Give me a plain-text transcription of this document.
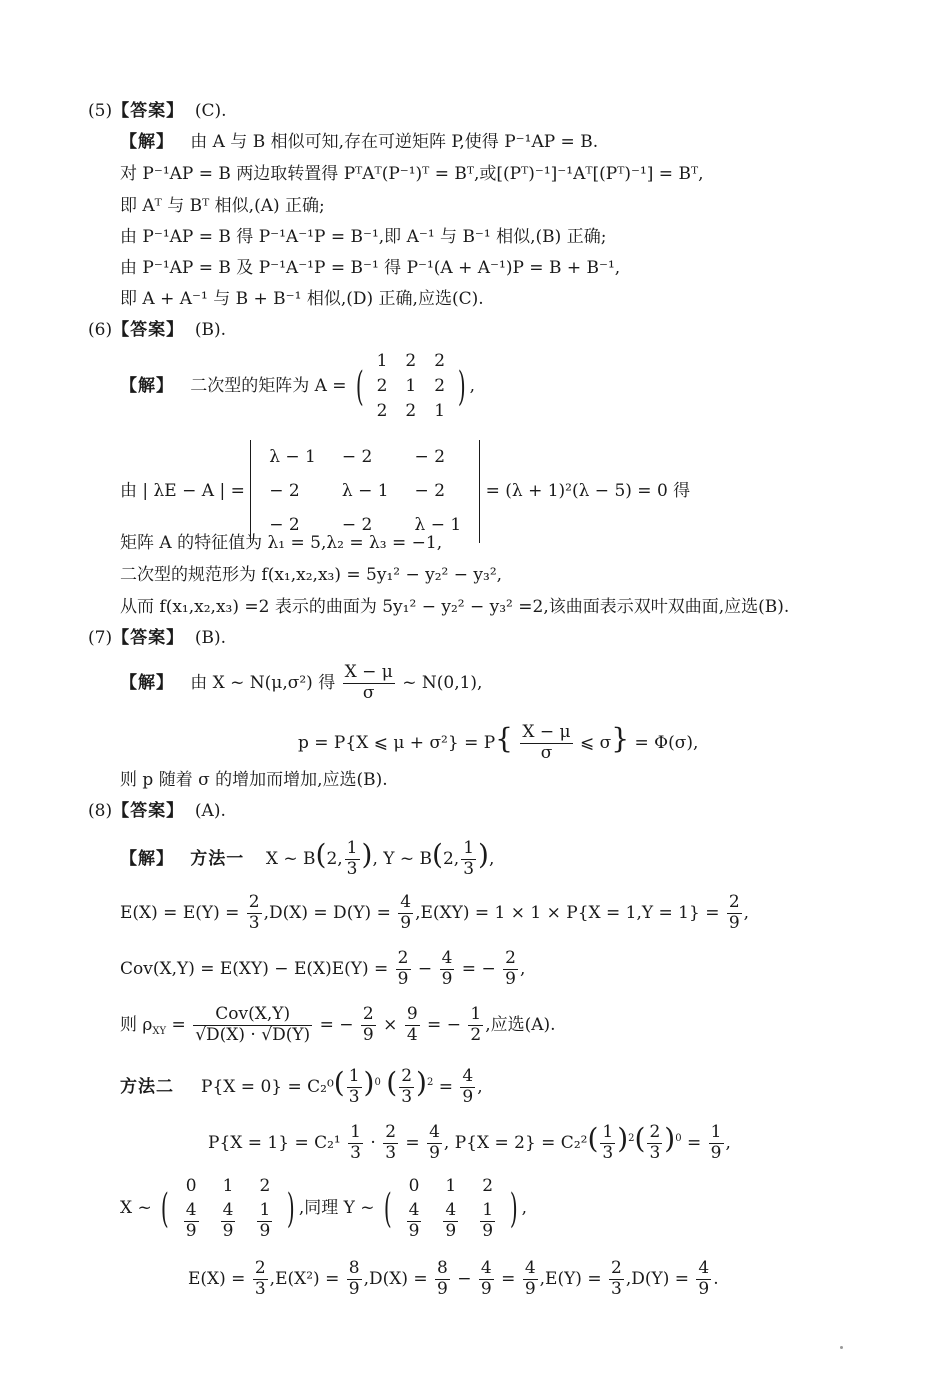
(5)【答案】 (C).
【解】 由 A 与 B 相似可知,存在可逆矩阵 P,使得 P⁻¹AP = B.
对 P⁻¹AP = B 两边取转置得 PᵀAᵀ(P⁻¹)ᵀ = Bᵀ,或[(Pᵀ)⁻¹]⁻¹Aᵀ[(Pᵀ)⁻¹] = Bᵀ,
即 Aᵀ 与 Bᵀ 相似,(A) 正确;
由 P⁻¹AP = B 得 P⁻¹A⁻¹P = B⁻¹,即 A⁻¹ 与 B⁻¹ 相似,(B) 正确;
由 P⁻¹AP = B 及 P⁻¹A⁻¹P = B⁻¹ 得 P⁻¹(A + A⁻¹)P = B + B⁻¹,
即 A + A⁻¹ 与 B + B⁻¹ 相似,(D) 正确,应选(C).
(6)【答案】 (B).
【解】 二次型的矩阵为 A = (1	2	2
2	1	2
2	2	1) ,
由 | λE − A | = λ − 1	− 2	− 2
− 2	λ − 1	− 2
− 2	− 2	λ − 1 = (λ + 1)²(λ − 5) = 0 得
矩阵 A 的特征值为 λ₁ = 5,λ₂ = λ₃ = −1,
二次型的规范形为 f(x₁,x₂,x₃) = 5y₁² − y₂² − y₃²,
从而 f(x₁,x₂,x₃) =2 表示的曲面为 5y₁² − y₂² − y₃² =2,该曲面表示双叶双曲面,应选(B).
(7)【答案】 (B).
【解】 由 X ~ N(μ,σ²) 得 $\frac{X - \mu}{\sigma}$ ~ N(0,1),
p = P{X ⩽ $\mu + \sigma^2\} = P\{ \frac{X - \mu}{\sigma}$ ⩽ σ} = Φ(σ),
则 p 随着 σ 的增加而增加,应选(B).
(8)【答案】 (A).
【解】 方法一 X ~ B(2, $\frac{1}{3}$ ), Y ~ B(2, $\frac{1}{3}$ ),
$E(X) = E(Y) = \frac{2}{3} ,D(X) = D(Y) = \frac{4}{9} ,E(XY) = 1 \times 1 \times P\{X = 1,Y = 1\} = \frac{2}{9}$ ,
$Cov(X,Y) = E(XY) - E(X)E(Y) = \frac{2}{9} - \frac{4}{9}$ = − $\frac{2}{9}$ ,
则 $\rho_{XY} = \frac{\text{Cov(X,Y)}}{√D(X) \cdot √D(Y)}$ = − $\frac{2}{9} \times \frac{9}{4}$ = − $\frac{1}{2}$ ,应选(A).
方法二 $P\{X = 0\} = C_2^0( \frac{1}{3} )^0$ ( $\frac{2}{3} )^2 = \frac{4}{9}$ ,
$P\{X = 1\} = C_2^1 \frac{1}{3} \cdot \frac{2}{3} = \frac{4}{9}$ , $P\{X = 2\} = C_2^2( \frac{1}{3} )^2( \frac{2}{3} )^0 = \frac{1}{9}$ ,
X ~ ( 0	1	2

$\frac{4}{9}$	$\frac{4}{9}$	$\frac{1}{9}$ ) ,同理 Y ~ ( 0	1	2

$\frac{4}{9}$	$\frac{4}{9}$	$\frac{1}{9}$ ) ,
$E(X) = \frac{2}{3} ,E(X^2) = \frac{8}{9} ,D(X) = \frac{8}{9} - \frac{4}{9} = \frac{4}{9} ,E(Y) = \frac{2}{3} ,D(Y) = \frac{4}{9}$ .
